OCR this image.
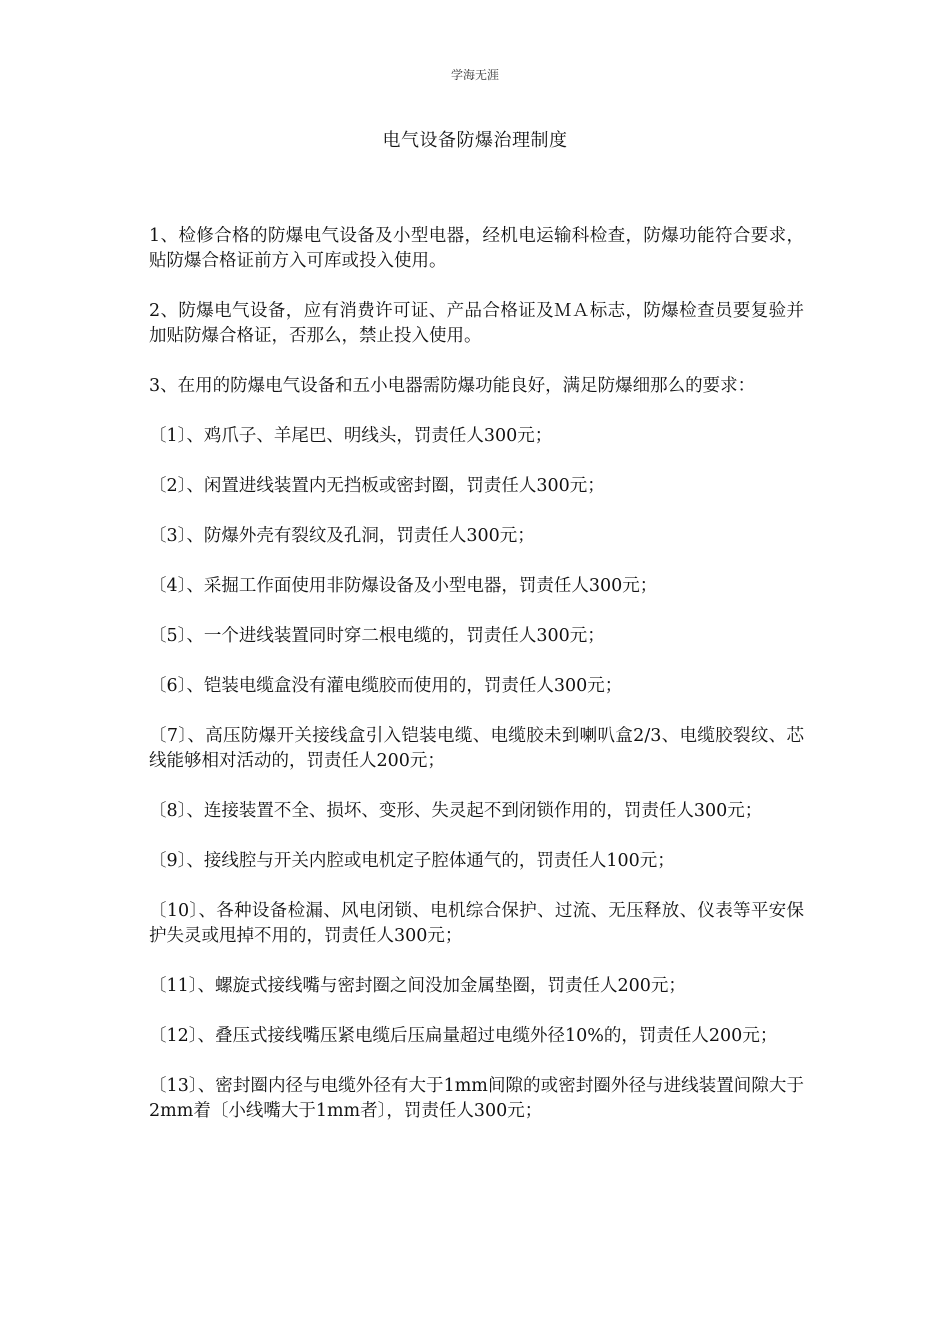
学海无涯
电气设备防爆治理制度

1、检修合格的防爆电气设备及小型电器，经机电运输科检查，防爆功能符合要求，贴防爆合格证前方入可库或投入使用。

2、防爆电气设备，应有消费许可证、产品合格证及ＭＡ标志，防爆检查员要复验并加贴防爆合格证，否那么，禁止投入使用。

3、在用的防爆电气设备和五小电器需防爆功能良好，满足防爆细那么的要求：

〔1〕、鸡爪子、羊尾巴、明线头，罚责任人300元；

〔2〕、闲置进线装置内无挡板或密封圈，罚责任人300元；

〔3〕、防爆外壳有裂纹及孔洞，罚责任人300元；

〔4〕、采掘工作面使用非防爆设备及小型电器，罚责任人300元；

〔5〕、一个进线装置同时穿二根电缆的，罚责任人300元；

〔6〕、铠装电缆盒没有灌电缆胶而使用的，罚责任人300元；

〔7〕、高压防爆开关接线盒引入铠装电缆、电缆胶未到喇叭盒2/3、电缆胶裂纹、芯线能够相对活动的，罚责任人200元；

〔8〕、连接装置不全、损坏、变形、失灵起不到闭锁作用的，罚责任人300元；

〔9〕、接线腔与开关内腔或电机定子腔体通气的，罚责任人100元；

〔10〕、各种设备检漏、风电闭锁、电机综合保护、过流、无压释放、仪表等平安保护失灵或甩掉不用的，罚责任人300元；

〔11〕、螺旋式接线嘴与密封圈之间没加金属垫圈，罚责任人200元；

〔12〕、叠压式接线嘴压紧电缆后压扁量超过电缆外径10%的，罚责任人200元；

〔13〕、密封圈内径与电缆外径有大于1mm间隙的或密封圈外径与进线装置间隙大于2mm着〔小线嘴大于1mm者〕，罚责任人300元；
